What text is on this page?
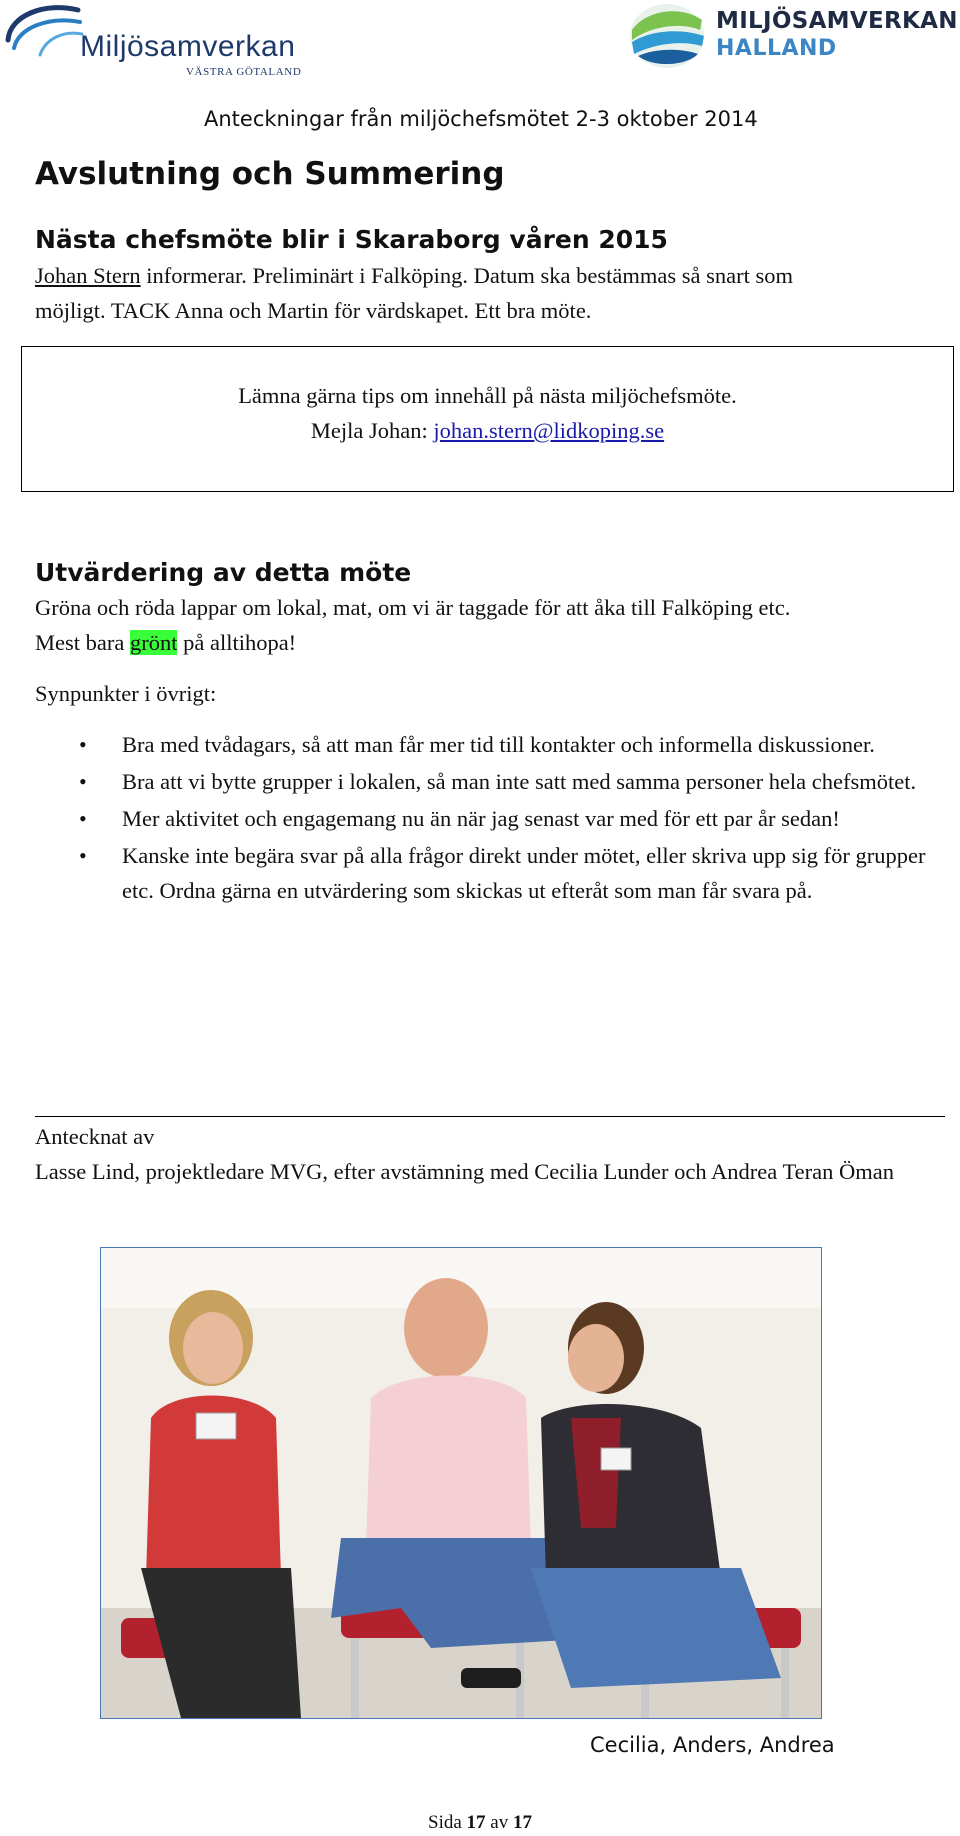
Miljösamverkan
VÄSTRA GÖTALAND
MILJÖSAMVERKAN
HALLAND
Anteckningar från miljöchefsmötet 2-3 oktober 2014
Avslutning och Summering
Nästa chefsmöte blir i Skaraborg våren 2015
Johan Stern informerar. Preliminärt i Falköping. Datum ska bestämmas så snart som
möjligt. TACK Anna och Martin för värdskapet. Ett bra möte.
Lämna gärna tips om innehåll på nästa miljöchefsmöte.
Mejla Johan: johan.stern@lidkoping.se
Utvärdering av detta möte
Gröna och röda lappar om lokal, mat, om vi är taggade för att åka till Falköping etc.
Mest bara grönt på alltihopa!
Synpunkter i övrigt:
• Bra med tvådagars, så att man får mer tid till kontakter och informella diskussioner.
• Bra att vi bytte grupper i lokalen, så man inte satt med samma personer hela chefsmötet.
• Mer aktivitet och engagemang nu än när jag senast var med för ett par år sedan!
• Kanske inte begära svar på alla frågor direkt under mötet, eller skriva upp sig för grupper etc. Ordna gärna en utvärdering som skickas ut efteråt som man får svara på.
Antecknat av
Lasse Lind, projektledare MVG, efter avstämning med Cecilia Lunder och Andrea Teran Öman
Cecilia, Anders, Andrea
Sida 17 av 17
